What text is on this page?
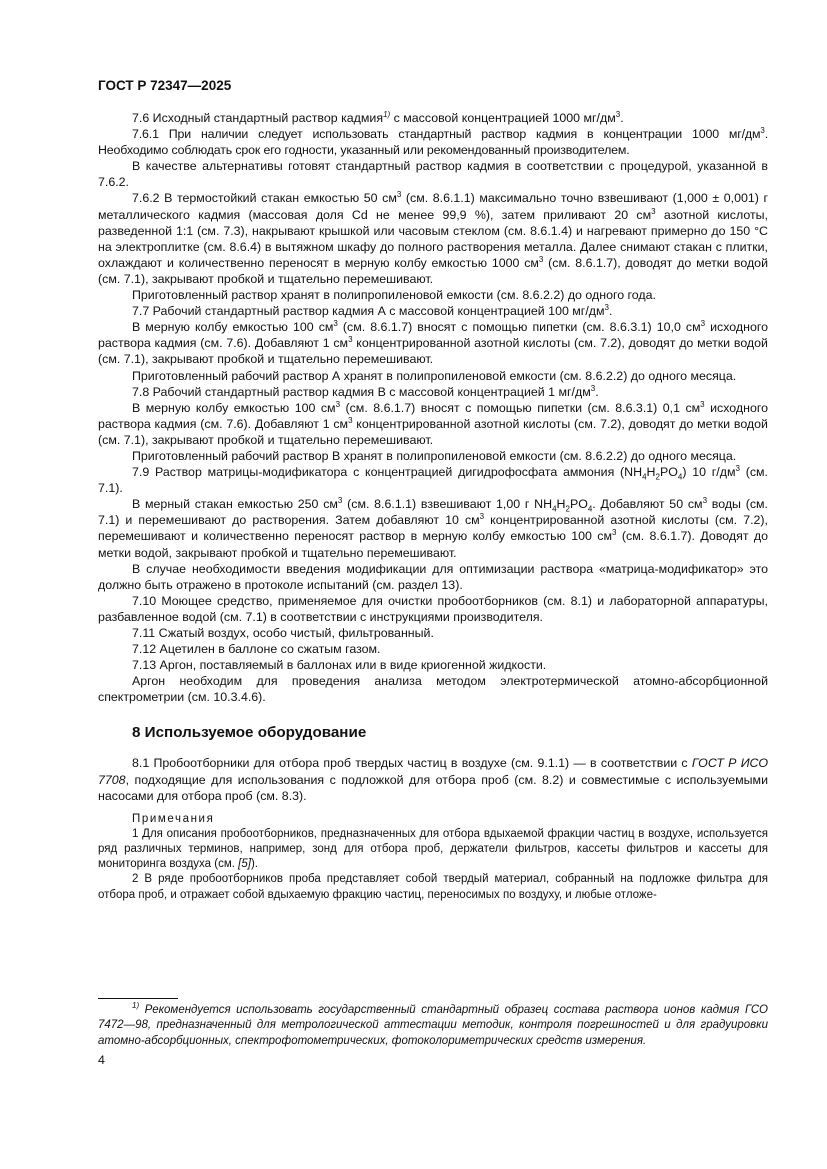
ГОСТ Р 72347—2025

7.6 Исходный стандартный раствор кадмия$^{1)}$ с массовой концентрацией 1000 $мг/дм^3$.

7.6.1 При наличии следует использовать стандартный раствор кадмия в концентрации 1000 $мг/дм^3$. Необходимо соблюдать срок его годности, указанный или рекомендованный производителем.

В качестве альтернативы готовят стандартный раствор кадмия в соответствии с процедурой, указанной в 7.6.2.

7.6.2 В термостойкий стакан емкостью 50 $см^3$ (см. 8.6.1.1) максимально точно взвешивают (1,000 ± 0,001) г металлического кадмия (массовая доля Cd не менее 99,9 %), затем приливают 20 $см^3$ азотной кислоты, разведенной 1:1 (см. 7.3), накрывают крышкой или часовым стеклом (см. 8.6.1.4) и нагревают примерно до 150 °С на электроплитке (см. 8.6.4) в вытяжном шкафу до полного растворения металла. Далее снимают стакан с плитки, охлаждают и количественно переносят в мерную колбу емкостью 1000 $см^3$ (см. 8.6.1.7), доводят до метки водой (см. 7.1), закрывают пробкой и тщательно перемешивают.

Приготовленный раствор хранят в полипропиленовой емкости (см. 8.6.2.2) до одного года.

7.7 Рабочий стандартный раствор кадмия А с массовой концентрацией 100 $мг/дм^3$.

В мерную колбу емкостью 100 $см^3$ (см. 8.6.1.7) вносят с помощью пипетки (см. 8.6.3.1) 10,0 $см^3$ исходного раствора кадмия (см. 7.6). Добавляют 1 $см^3$ концентрированной азотной кислоты (см. 7.2), доводят до метки водой (см. 7.1), закрывают пробкой и тщательно перемешивают.

Приготовленный рабочий раствор А хранят в полипропиленовой емкости (см. 8.6.2.2) до одного месяца.

7.8 Рабочий стандартный раствор кадмия В с массовой концентрацией 1 $мг/дм^3$.

В мерную колбу емкостью 100 $см^3$ (см. 8.6.1.7) вносят с помощью пипетки (см. 8.6.3.1) 0,1 $см^3$ исходного раствора кадмия (см. 7.6). Добавляют 1 $см^3$ концентрированной азотной кислоты (см. 7.2), доводят до метки водой (см. 7.1), закрывают пробкой и тщательно перемешивают.

Приготовленный рабочий раствор В хранят в полипропиленовой емкости (см. 8.6.2.2) до одного месяца.

7.9 Раствор матрицы-модификатора с концентрацией дигидрофосфата аммония $(NH_4H_2PO_4)$ 10 $г/дм^3$ (см. 7.1).

В мерный стакан емкостью 250 $см^3$ (см. 8.6.1.1) взвешивают 1,00 г $NH_4H_2PO_4$. Добавляют 50 $см^3$ воды (см. 7.1) и перемешивают до растворения. Затем добавляют 10 $см^3$ концентрированной азотной кислоты (см. 7.2), перемешивают и количественно переносят раствор в мерную колбу емкостью 100 $см^3$ (см. 8.6.1.7). Доводят до метки водой, закрывают пробкой и тщательно перемешивают.

В случае необходимости введения модификации для оптимизации раствора «матрица-модификатор» это должно быть отражено в протоколе испытаний (см. раздел 13).

7.10 Моющее средство, применяемое для очистки пробоотборников (см. 8.1) и лабораторной аппаратуры, разбавленное водой (см. 7.1) в соответствии с инструкциями производителя.

7.11 Сжатый воздух, особо чистый, фильтрованный.

7.12 Ацетилен в баллоне со сжатым газом.

7.13 Аргон, поставляемый в баллонах или в виде криогенной жидкости.

Аргон необходим для проведения анализа методом электротермической атомно-абсорбционной спектрометрии (см. 10.3.4.6).

8 Используемое оборудование

8.1 Пробоотборники для отбора проб твердых частиц в воздухе (см. 9.1.1) — в соответствии с ГОСТ Р ИСО 7708, подходящие для использования с подложкой для отбора проб (см. 8.2) и совместимые с используемыми насосами для отбора проб (см. 8.3).

Примечания

1 Для описания пробоотборников, предназначенных для отбора вдыхаемой фракции частиц в воздухе, используется ряд различных терминов, например, зонд для отбора проб, держатели фильтров, кассеты фильтров и кассеты для мониторинга воздуха (см. [5]).

2 В ряде пробоотборников проба представляет собой твердый материал, собранный на подложке фильтра для отбора проб, и отражает собой вдыхаемую фракцию частиц, переносимых по воздуху, и любые отложе-

$^{1)}$ Рекомендуется использовать государственный стандартный образец состава раствора ионов кадмия ГСО 7472—98, предназначенный для метрологической аттестации методик, контроля погрешностей и для градуировки атомно-абсорбционных, спектрофотометрических, фотоколориметрических средств измерения.

4
